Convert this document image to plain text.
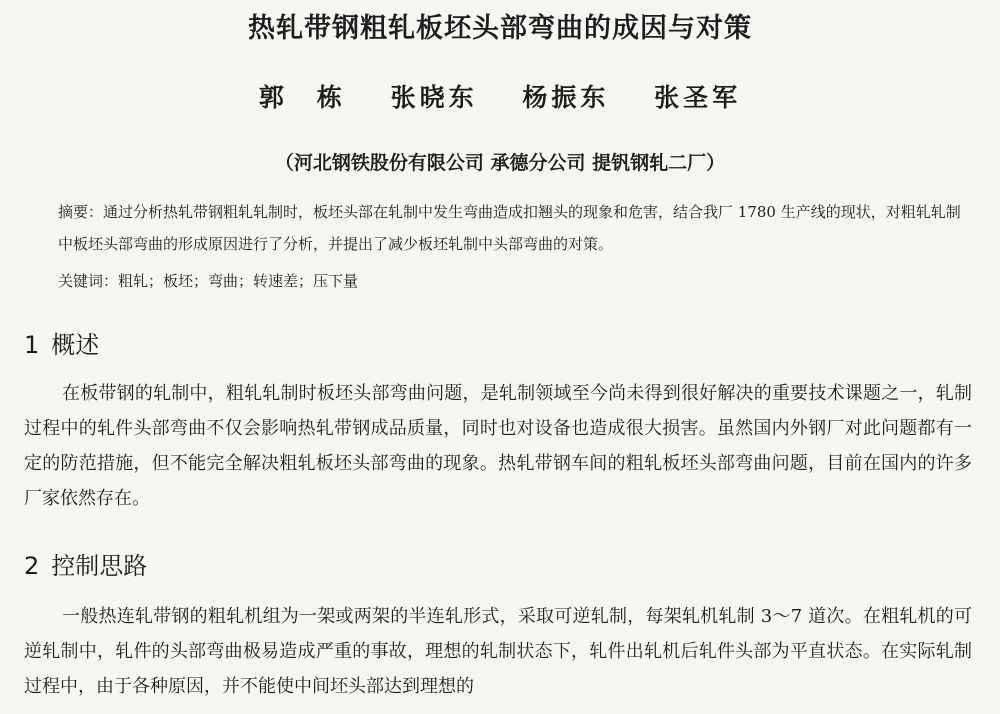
热轧带钢粗轧板坯头部弯曲的成因与对策
郭　栋 张晓东 杨振东 张圣军

（河北钢铁股份有限公司 承德分公司 提钒钢轧二厂）

摘要：通过分析热轧带钢粗轧轧制时，板坯头部在轧制中发生弯曲造成扣翘头的现象和危害，结合我厂 1780 生产线的现状，对粗轧轧制中板坯头部弯曲的形成原因进行了分析，并提出了减少板坯轧制中头部弯曲的对策。

关键词：粗轧；板坯；弯曲；转速差；压下量

1 概述

在板带钢的轧制中，粗轧轧制时板坯头部弯曲问题，是轧制领域至今尚未得到很好解决的重要技术课题之一，轧制过程中的轧件头部弯曲不仅会影响热轧带钢成品质量，同时也对设备也造成很大损害。虽然国内外钢厂对此问题都有一定的防范措施，但不能完全解决粗轧板坯头部弯曲的现象。热轧带钢车间的粗轧板坯头部弯曲问题，目前在国内的许多厂家依然存在。

2 控制思路

一般热连轧带钢的粗轧机组为一架或两架的半连轧形式，采取可逆轧制，每架轧机轧制 3～7 道次。在粗轧机的可逆轧制中，轧件的头部弯曲极易造成严重的事故，理想的轧制状态下，轧件出轧机后轧件头部为平直状态。在实际轧制过程中，由于各种原因，并不能使中间坯头部达到理想的
